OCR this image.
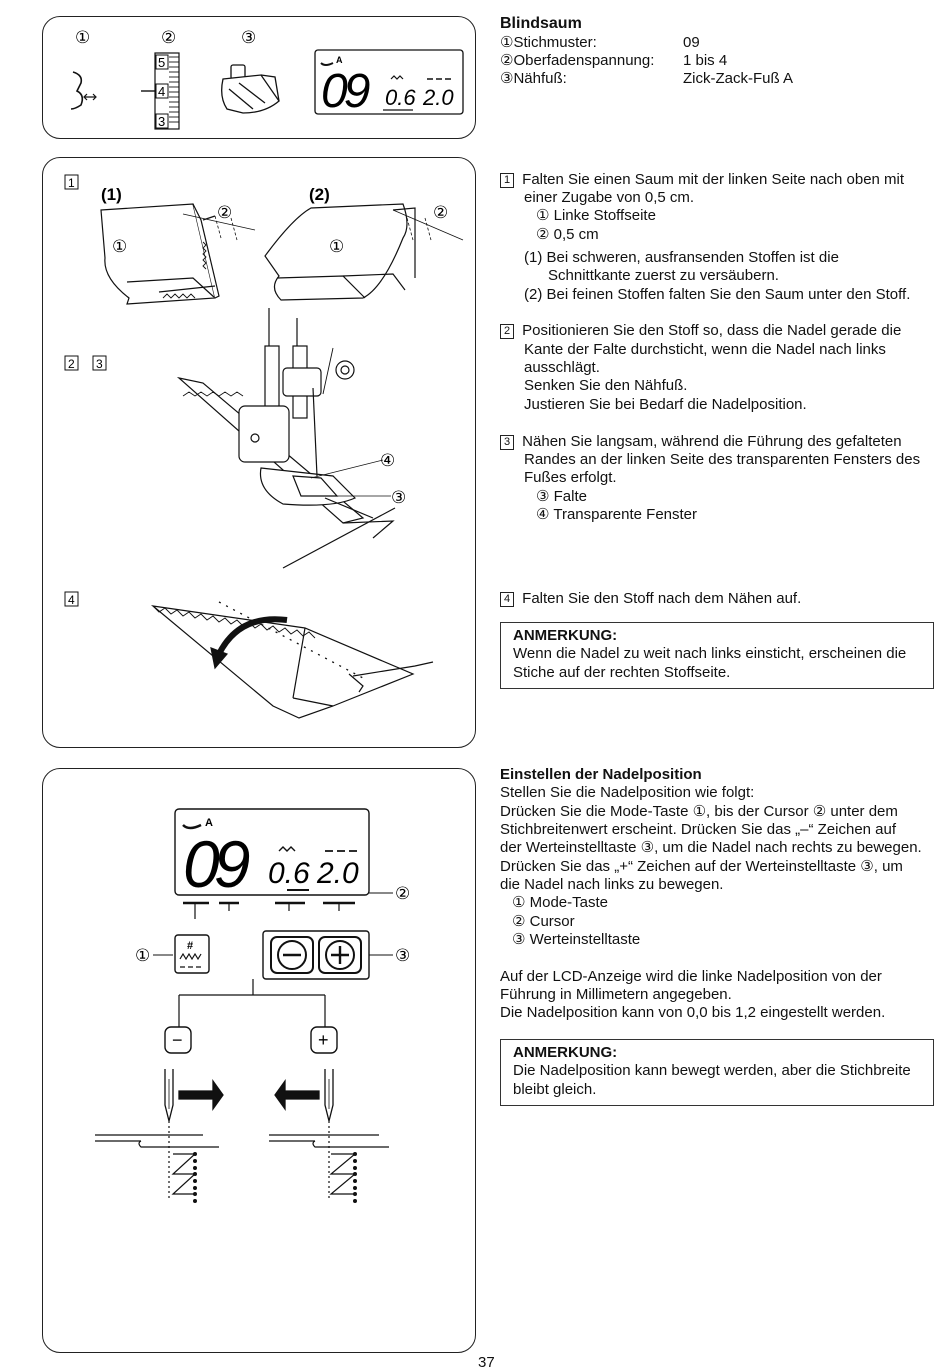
①	②	③
5
4
3
A
09 0.6 2.0
Blindsaum
①Stichmuster:	09
②Oberfadenspannung: 1 bis 4
③Nähfuß:	Zick-Zack-Fuß A
1
2 3
4
(1)	(2)
①
②
①
②
④
③
1 Falten Sie einen Saum mit der linken Seite nach oben mit
einer Zugabe von 0,5 cm.
① Linke Stoffseite
② 0,5 cm
(1) Bei schweren, ausfransenden Stoffen ist die
Schnittkante zuerst zu versäubern.
(2) Bei feinen Stoffen falten Sie den Saum unter den Stoff.
2 Positionieren Sie den Stoff so, dass die Nadel gerade die
Kante der Falte durchsticht, wenn die Nadel nach links
ausschlägt.
Senken Sie den Nähfuß.
Justieren Sie bei Bedarf die Nadelposition.
3 Nähen Sie langsam, während die Führung des gefalteten
Randes an der linken Seite des transparenten Fensters des
Fußes erfolgt.
③ Falte
④ Transparente Fenster
4 Falten Sie den Stoff nach dem Nähen auf.
ANMERKUNG:
Wenn die Nadel zu weit nach links einsticht, erscheinen die
Stiche auf der rechten Stoffseite.
A
09 0.6 2.0
②
①	#	③
−	+
Einstellen der Nadelposition
Stellen Sie die Nadelposition wie folgt:
Drücken Sie die Mode-Taste ①, bis der Cursor ② unter dem
Stichbreitenwert erscheint. Drücken Sie das „–“ Zeichen auf
der Werteinstelltaste ③, um die Nadel nach rechts zu bewegen.
Drücken Sie das „+“ Zeichen auf der Werteinstelltaste ③, um
die Nadel nach links zu bewegen.
① Mode-Taste
② Cursor
③ Werteinstelltaste
Auf der LCD-Anzeige wird die linke Nadelposition von der
Führung in Millimetern angegeben.
Die Nadelposition kann von 0,0 bis 1,2 eingestellt werden.
ANMERKUNG:
Die Nadelposition kann bewegt werden, aber die Stichbreite
bleibt gleich.
37
